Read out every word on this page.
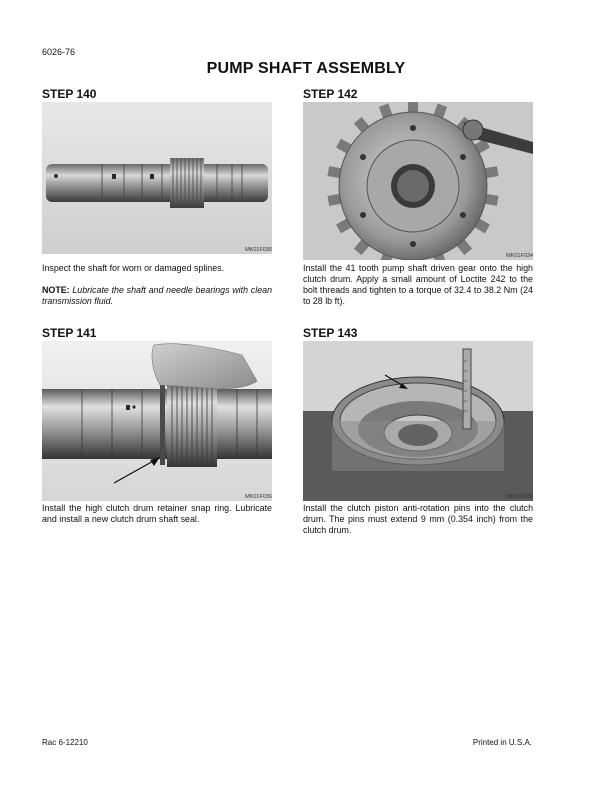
6026-76
PUMP SHAFT ASSEMBLY
STEP 140
MK01F035

Inspect the shaft for worn or damaged splines.

NOTE: Lubricate the shaft and needle bearings with clean transmission fluid.

STEP 141
MK01F036

Install the high clutch drum retainer snap ring. Lubricate and install a new clutch drum shaft seal.

STEP 142
MK01F034

Install the 41 tooth pump shaft driven gear onto the high clutch drum. Apply a small amount of Loctite 242 to the bolt threads and tighten to a torque of 32.4 to 38.2 Nm (24 to 28 lb ft).

STEP 143
MK01F038

Install the clutch piston anti-rotation pins into the clutch drum. The pins must extend 9 mm (0.354 inch) from the clutch drum.

Rac 6-12210	Printed in U.S.A.
